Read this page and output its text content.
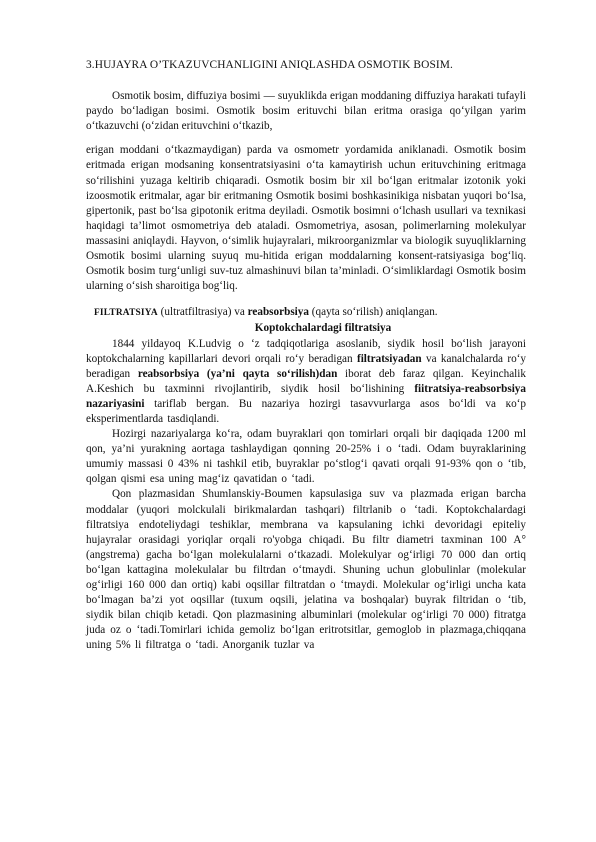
3.HUJAYRA O’TKAZUVCHANLIGINI ANIQLASHDA OSMOTIK BOSIM.

Osmotik bosim, diffuziya bosimi — suyuklikda erigan moddaning diffuziya harakati tufayli paydo bo‘ladigan bosimi. Osmotik bosim erituvchi bilan eritma orasiga qo‘yilgan yarim o‘tkazuvchi (o‘zidan erituvchini o‘tkazib,

erigan moddani o‘tkazmaydigan) parda va osmometr yordamida aniklanadi. Osmotik bosim eritmada erigan modsaning konsentratsiyasini o‘ta kamaytirish uchun erituvchining eritmaga so‘rilishini yuzaga keltirib chiqaradi. Osmotik bosim bir xil bo‘lgan eritmalar izotonik yoki izoosmotik eritmalar, agar bir eritmaning Osmotik bosimi boshkasinikiga nisbatan yuqori bo‘lsa, gipertonik, past bo‘lsa gipotonik eritma deyiladi. Osmotik bosimni o‘lchash usullari va texnikasi haqidagi ta’limot osmometriya deb ataladi. Osmometriya, asosan, polimerlarning molekulyar massasini aniqlaydi. Hayvon, o‘simlik hujayralari, mikroorganizmlar va biologik suyuqliklarning Osmotik bosimi ularning suyuq mu-hitida erigan moddalarning konsent-ratsiyasiga bog‘liq. Osmotik bosim turg‘unligi suv-tuz almashinuvi bilan ta’minladi. O‘simliklardagi Osmotik bosim ularning o‘sish sharoitiga bog‘liq.

FILTRATSIYA (ultratfiltrasiya) va reabsorbsiya (qayta so‘rilish) aniqlangan.

Koptokchalardagi filtratsiya

1844 yildayoq K.Ludvig o ‘z tadqiqotlariga asoslanib, siydik hosil bo‘lish jarayoni koptokchalarning kapillarlari devori orqali ro‘y beradigan filtratsiyadan va kanalchalarda ro‘y beradigan reabsorbsiya (ya’ni qayta so‘rilish)dan iborat deb faraz qilgan. Keyinchalik A.Keshich bu taxminni rivojlantirib, siydik hosil bo‘lishining fiitratsiya-reabsorbsiya nazariyasini tariflab bergan. Bu nazariya hozirgi tasavvurlarga asos bo‘ldi va кo‘p eksperimentlarda tasdiqlandi.

Hozirgi nazariyalarga ko‘ra, odam buyraklari qon tomirlari orqali bir daqiqada 1200 ml qon, ya’ni yurakning aortaga tashlaydigan qonning 20-25% i o ‘tadi. Odam buyraklarining umumiy massasi 0 43% ni tashkil etib, buyraklar po‘stlog‘i qavati orqali 91-93% qon o ‘tib, qolgan qismi esa uning mag‘iz qavatidan o ‘tadi.

Qon plazmasidan Shumlanskiy-Boumen kapsulasiga suv va plazmada erigan barcha moddalar (yuqori molckulali birikmalardan tashqari) filtrlanib o ‘tadi. Koptokchalardagi filtratsiya endoteliydagi teshiklar, membrana va kapsulaning ichki devoridagi epiteliy hujayralar orasidagi yoriqlar orqali ro'yobga chiqadi. Bu filtr diametri taxminan 100 A° (angstrema) gacha bo‘lgan molekulalarni o‘tkazadi. Molekulyar og‘irligi 70 000 dan ortiq bo‘lgan kattagina molekulalar bu filtrdan o‘tmaydi. Shuning uchun globulinlar (molekular og‘irligi 160 000 dan ortiq) kabi oqsillar filtratdan o ‘tmaydi. Molekular og‘irligi uncha kata bo‘lmagan ba’zi yot oqsillar (tuxum oqsili, jelatina va boshqalar) buyrak filtridan o ‘tib, siydik bilan chiqib ketadi. Qon plazmasining albuminlari (molekular og‘irligi 70 000) fitratga juda oz o ‘tadi.Tomirlari ichida gemoliz bo‘lgan eritrotsitlar, gemoglob in plazmaga,chiqqana uning 5% li filtratga o ‘tadi. Anorganik tuzlar va
